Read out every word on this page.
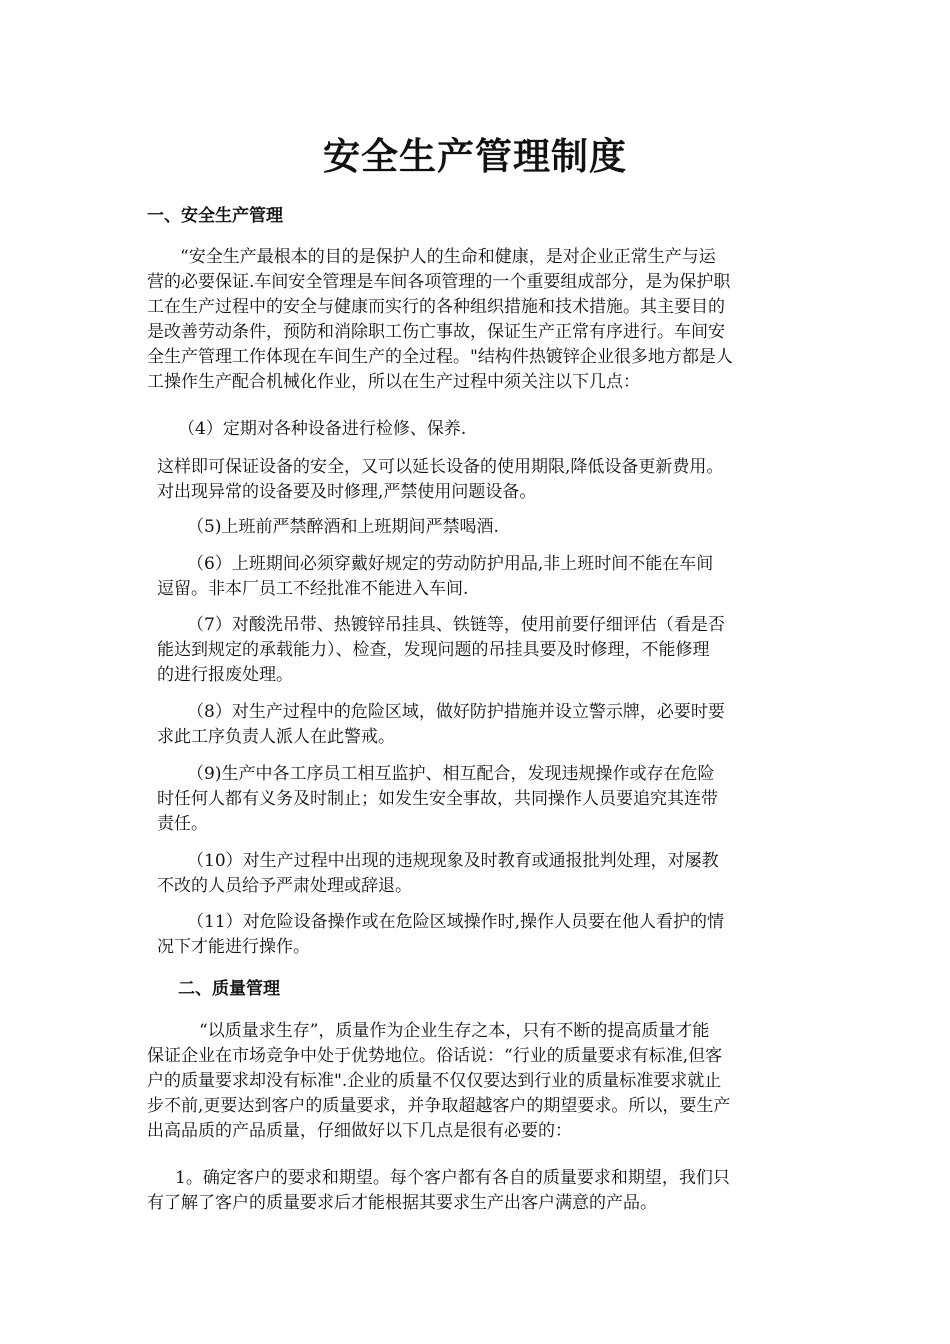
安全生产管理制度
一、安全生产管理
“安全生产最根本的目的是保护人的生命和健康，是对企业正常生产与运
营的必要保证.车间安全管理是车间各项管理的一个重要组成部分，是为保护职
工在生产过程中的安全与健康而实行的各种组织措施和技术措施。其主要目的
是改善劳动条件，预防和消除职工伤亡事故，保证生产正常有序进行。车间安
全生产管理工作体现在车间生产的全过程。"结构件热镀锌企业很多地方都是人
工操作生产配合机械化作业，所以在生产过程中须关注以下几点：
（4）定期对各种设备进行检修、保养.
这样即可保证设备的安全，又可以延长设备的使用期限,降低设备更新费用。
对出现异常的设备要及时修理,严禁使用问题设备。
（5)上班前严禁醉酒和上班期间严禁喝酒.
（6）上班期间必须穿戴好规定的劳动防护用品,非上班时间不能在车间
逗留。非本厂员工不经批准不能进入车间.
（7）对酸洗吊带、热镀锌吊挂具、铁链等，使用前要仔细评估（看是否
能达到规定的承载能力）、检查，发现问题的吊挂具要及时修理，不能修理
的进行报废处理。
（8）对生产过程中的危险区域，做好防护措施并设立警示牌，必要时要
求此工序负责人派人在此警戒。
（9)生产中各工序员工相互监护、相互配合，发现违规操作或存在危险
时任何人都有义务及时制止；如发生安全事故，共同操作人员要追究其连带
责任。
（10）对生产过程中出现的违规现象及时教育或通报批判处理，对屡教
不改的人员给予严肃处理或辞退。
（11）对危险设备操作或在危险区域操作时,操作人员要在他人看护的情
况下才能进行操作。
二、质量管理
“以质量求生存”，质量作为企业生存之本，只有不断的提高质量才能
保证企业在市场竞争中处于优势地位。俗话说：“行业的质量要求有标准,但客
户的质量要求却没有标准".企业的质量不仅仅要达到行业的质量标准要求就止
步不前,更要达到客户的质量要求，并争取超越客户的期望要求。所以，要生产
出高品质的产品质量，仔细做好以下几点是很有必要的：
1。确定客户的要求和期望。每个客户都有各自的质量要求和期望，我们只
有了解了客户的质量要求后才能根据其要求生产出客户满意的产品。
